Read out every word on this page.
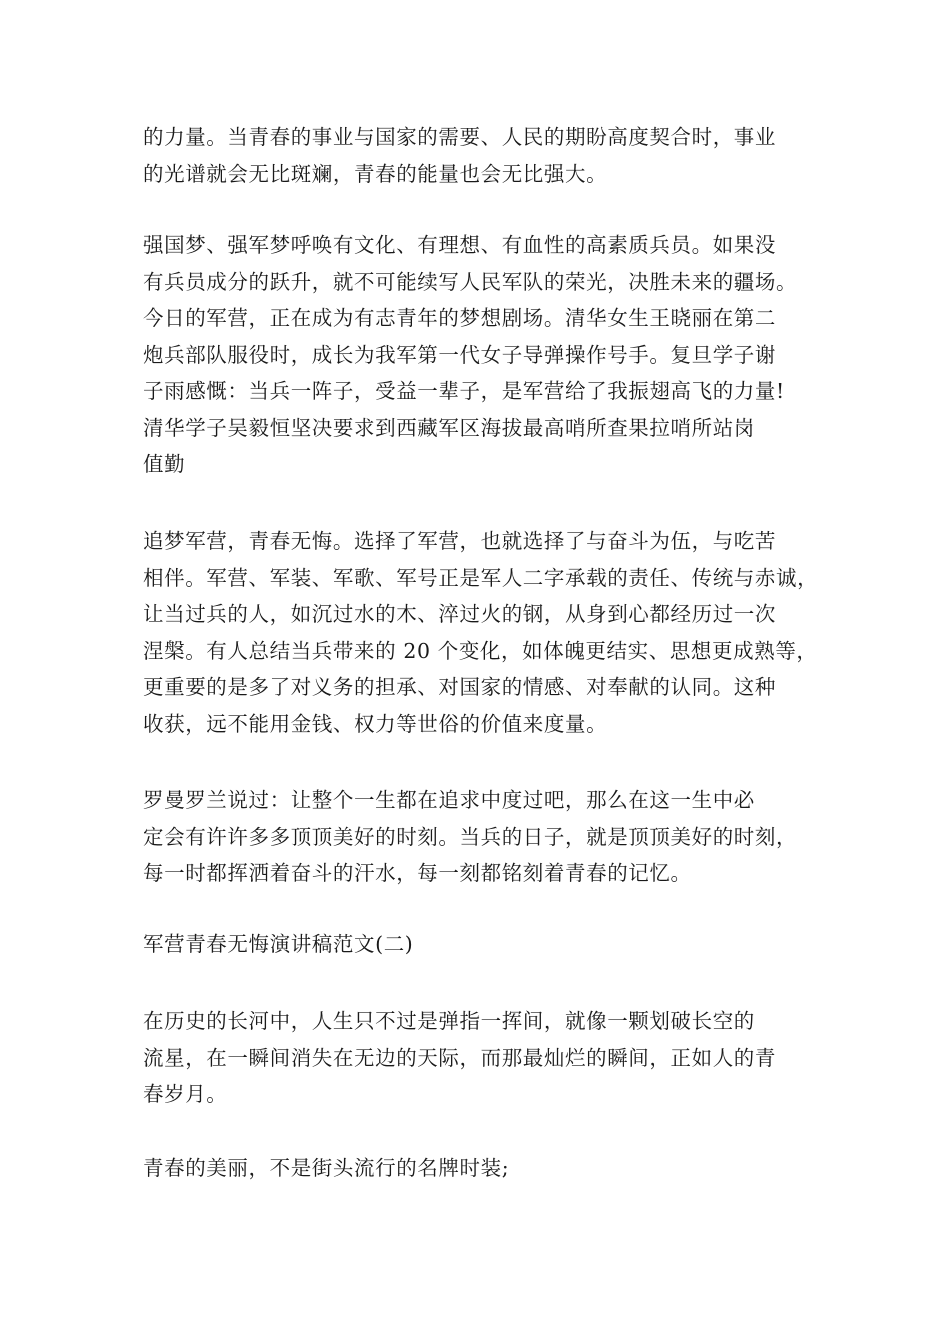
的力量。当青春的事业与国家的需要、人民的期盼高度契合时，事业
的光谱就会无比斑斓，青春的能量也会无比强大。

强国梦、强军梦呼唤有文化、有理想、有血性的高素质兵员。如果没
有兵员成分的跃升，就不可能续写人民军队的荣光，决胜未来的疆场。
今日的军营，正在成为有志青年的梦想剧场。清华女生王晓丽在第二
炮兵部队服役时，成长为我军第一代女子导弹操作号手。复旦学子谢
子雨感慨：当兵一阵子，受益一辈子，是军营给了我振翅高飞的力量!
清华学子吴毅恒坚决要求到西藏军区海拔最高哨所查果拉哨所站岗
值勤

追梦军营，青春无悔。选择了军营，也就选择了与奋斗为伍，与吃苦
相伴。军营、军装、军歌、军号正是军人二字承载的责任、传统与赤诚，
让当过兵的人，如沉过水的木、淬过火的钢，从身到心都经历过一次
涅槃。有人总结当兵带来的 20 个变化，如体魄更结实、思想更成熟等，
更重要的是多了对义务的担承、对国家的情感、对奉献的认同。这种
收获，远不能用金钱、权力等世俗的价值来度量。

罗曼罗兰说过：让整个一生都在追求中度过吧，那么在这一生中必
定会有许许多多顶顶美好的时刻。当兵的日子，就是顶顶美好的时刻，
每一时都挥洒着奋斗的汗水，每一刻都铭刻着青春的记忆。

军营青春无悔演讲稿范文(二)

在历史的长河中，人生只不过是弹指一挥间，就像一颗划破长空的
流星，在一瞬间消失在无边的天际，而那最灿烂的瞬间，正如人的青
春岁月。

青春的美丽，不是街头流行的名牌时装;
